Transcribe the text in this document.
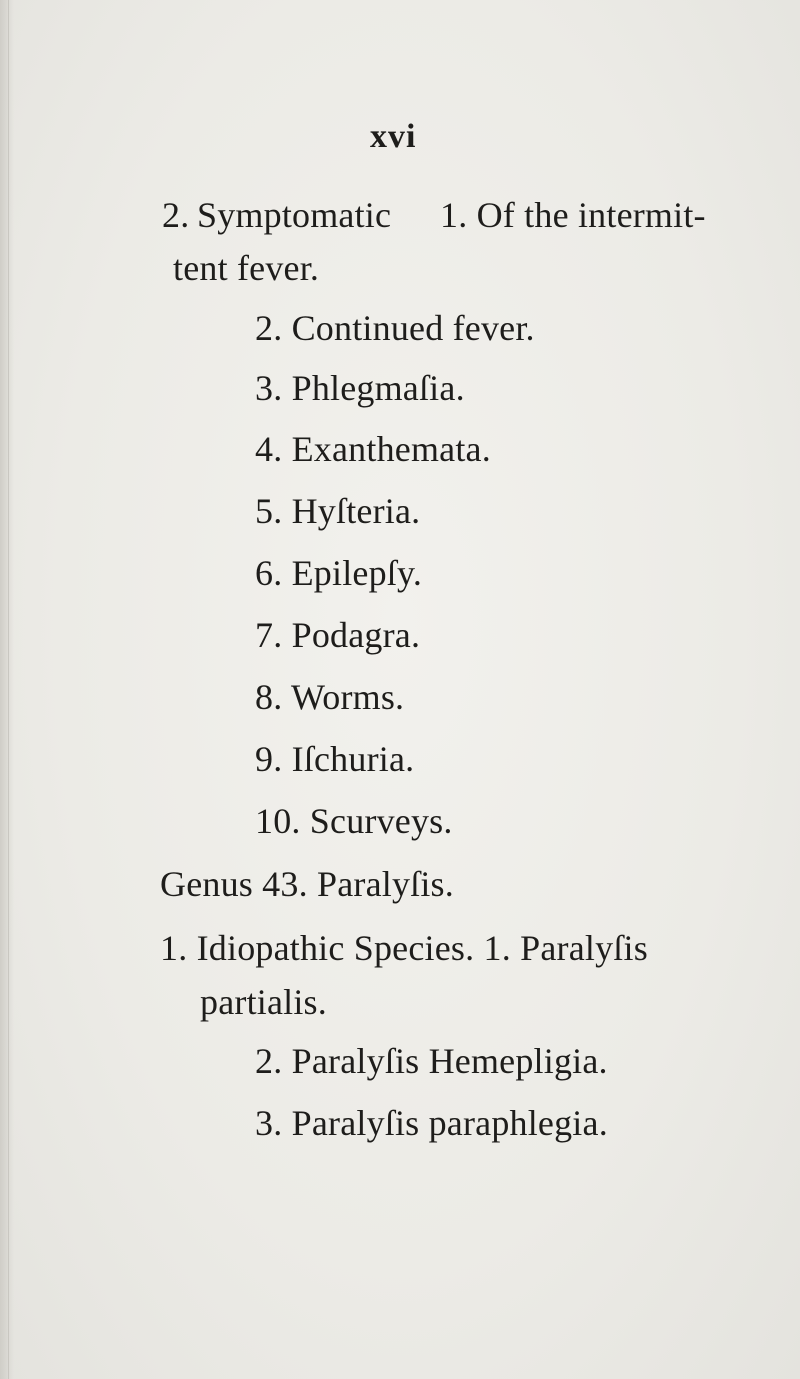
xvi
2. Symptomatic 1. Of the intermit-
tent fever.
2. Continued fever.
3. Phlegmaſia.
4. Exanthemata.
5. Hyſteria.
6. Epilepſy.
7. Podagra.
8. Worms.
9. Iſchuria.
10. Scurveys.
Genus 43. Paralyſis.
1. Idiopathic Species. 1. Paralyſis
partialis.
2. Paralyſis Hemepligia.
3. Paralyſis paraphlegia.
